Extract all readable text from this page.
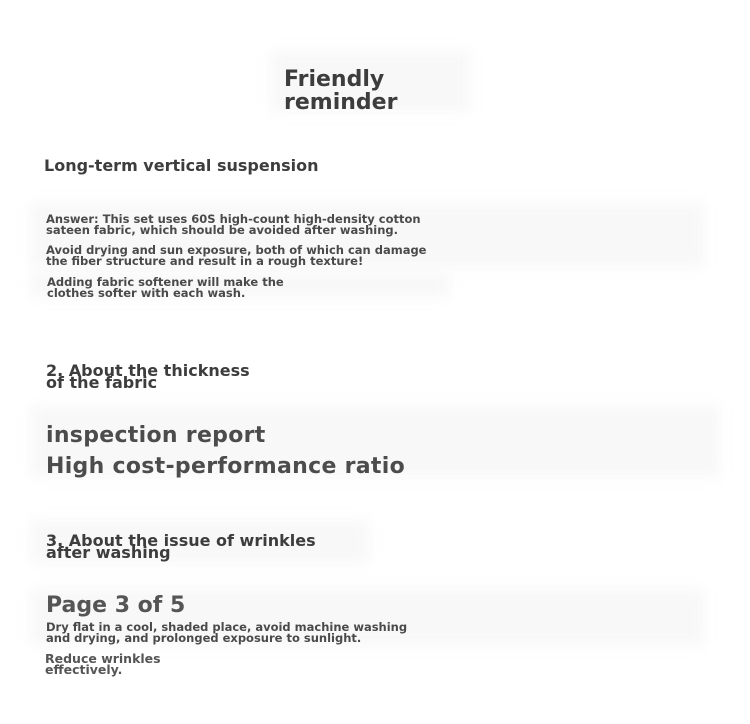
Friendly
reminder
Long-term vertical suspension

Answer: This set uses 60S high-count high-density cotton
sateen fabric, which should be avoided after washing.

Avoid drying and sun exposure, both of which can damage
the fiber structure and result in a rough texture!

Adding fabric softener will make the
clothes softer with each wash.

2. About the thickness
of the fabric

inspection report

High cost-performance ratio

3. About the issue of wrinkles
after washing

Page 3 of 5

Dry flat in a cool, shaded place, avoid machine washing
and drying, and prolonged exposure to sunlight.

Reduce wrinkles
effectively.
